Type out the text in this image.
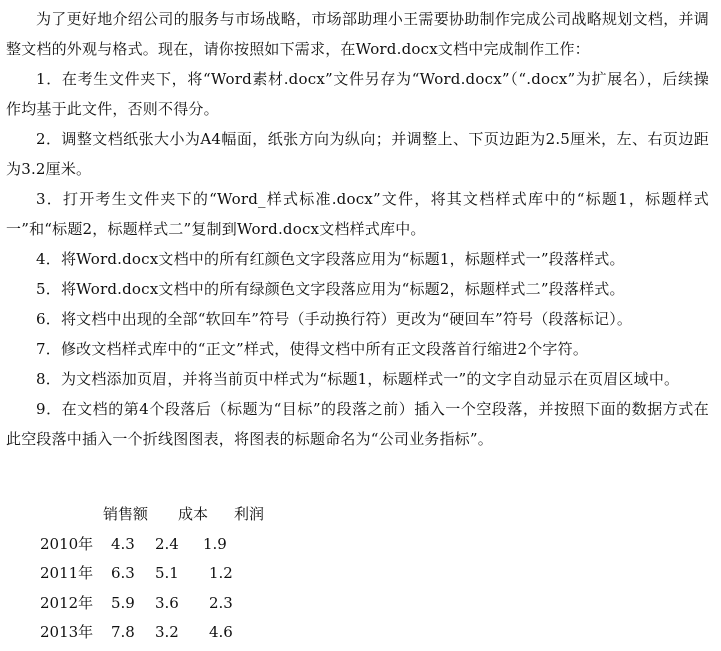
为了更好地介绍公司的服务与市场战略，市场部助理小王需要协助制作完成公司战略规划文档，并调整文档的外观与格式。现在，请你按照如下需求，在Word.docx文档中完成制作工作：

1．在考生文件夹下，将“Word素材.docx”文件另存为“Word.docx”（“.docx”为扩展名），后续操作均基于此文件，否则不得分。

2．调整文档纸张大小为A4幅面，纸张方向为纵向；并调整上、下页边距为2.5厘米，左、右页边距为3.2厘米。

3．打开考生文件夹下的“Word_样式标准.docx”文件，将其文档样式库中的“标题1，标题样式一”和“标题2，标题样式二”复制到Word.docx文档样式库中。

4．将Word.docx文档中的所有红颜色文字段落应用为“标题1，标题样式一”段落样式。

5．将Word.docx文档中的所有绿颜色文字段落应用为“标题2，标题样式二”段落样式。

6．将文档中出现的全部“软回车”符号（手动换行符）更改为“硬回车”符号（段落标记）。

7．修改文档样式库中的“正文”样式，使得文档中所有正文段落首行缩进2个字符。

8．为文档添加页眉，并将当前页中样式为“标题1，标题样式一”的文字自动显示在页眉区域中。

9．在文档的第4个段落后（标题为“目标”的段落之前）插入一个空段落，并按照下面的数据方式在此空段落中插入一个折线图图表，将图表的标题命名为“公司业务指标”。

销售额 成本 利润
2010年 4.3 2.4 1.9
2011年 6.3 5.1 1.2
2012年 5.9 3.6 2.3
2013年 7.8 3.2 4.6
